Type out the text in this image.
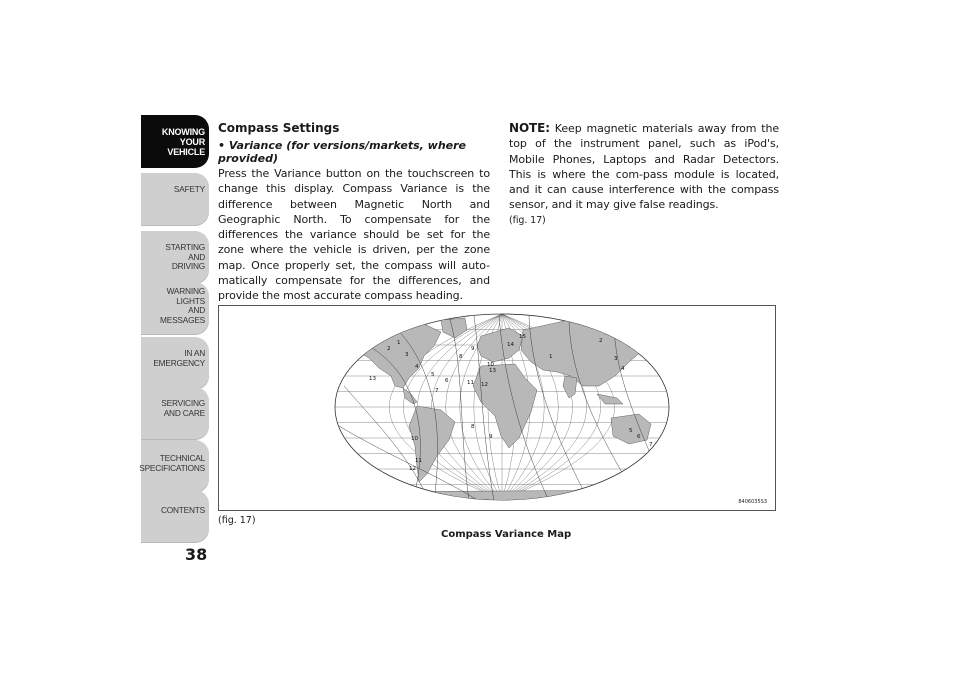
KNOWING
YOUR
VEHICLE
SAFETY
STARTING
AND
DRIVING
WARNING
LIGHTS
AND
MESSAGES
IN AN
EMERGENCY
SERVICING
AND CARE
TECHNICAL
SPECIFICATIONS
CONTENTS
38

Compass Settings

• Variance (for versions/markets, where provided)

Press the Variance button on the touchscreen to change this display. Compass Variance is the difference between Magnetic North and Geographic North. To compensate for the differences the variance should be set for the zone where the vehicle is driven, per the zone map. Once properly set, the compass will auto-matically compensate for the differences, and provide the most accurate compass heading.

NOTE: Keep magnetic materials away from the top of the instrument panel, such as iPod's, Mobile Phones, Laptops and Radar Detectors. This is where the com-pass module is located, and it can cause interference with the compass sensor, and it may give false readings.

(fig. 17)

1
2
3
4
5
6
7
8
9
10
11 12
13
14
15
1
2
3
4
5
6
7
8
9
10
11
12
13
8406035S3
(fig. 17)
Compass Variance Map
